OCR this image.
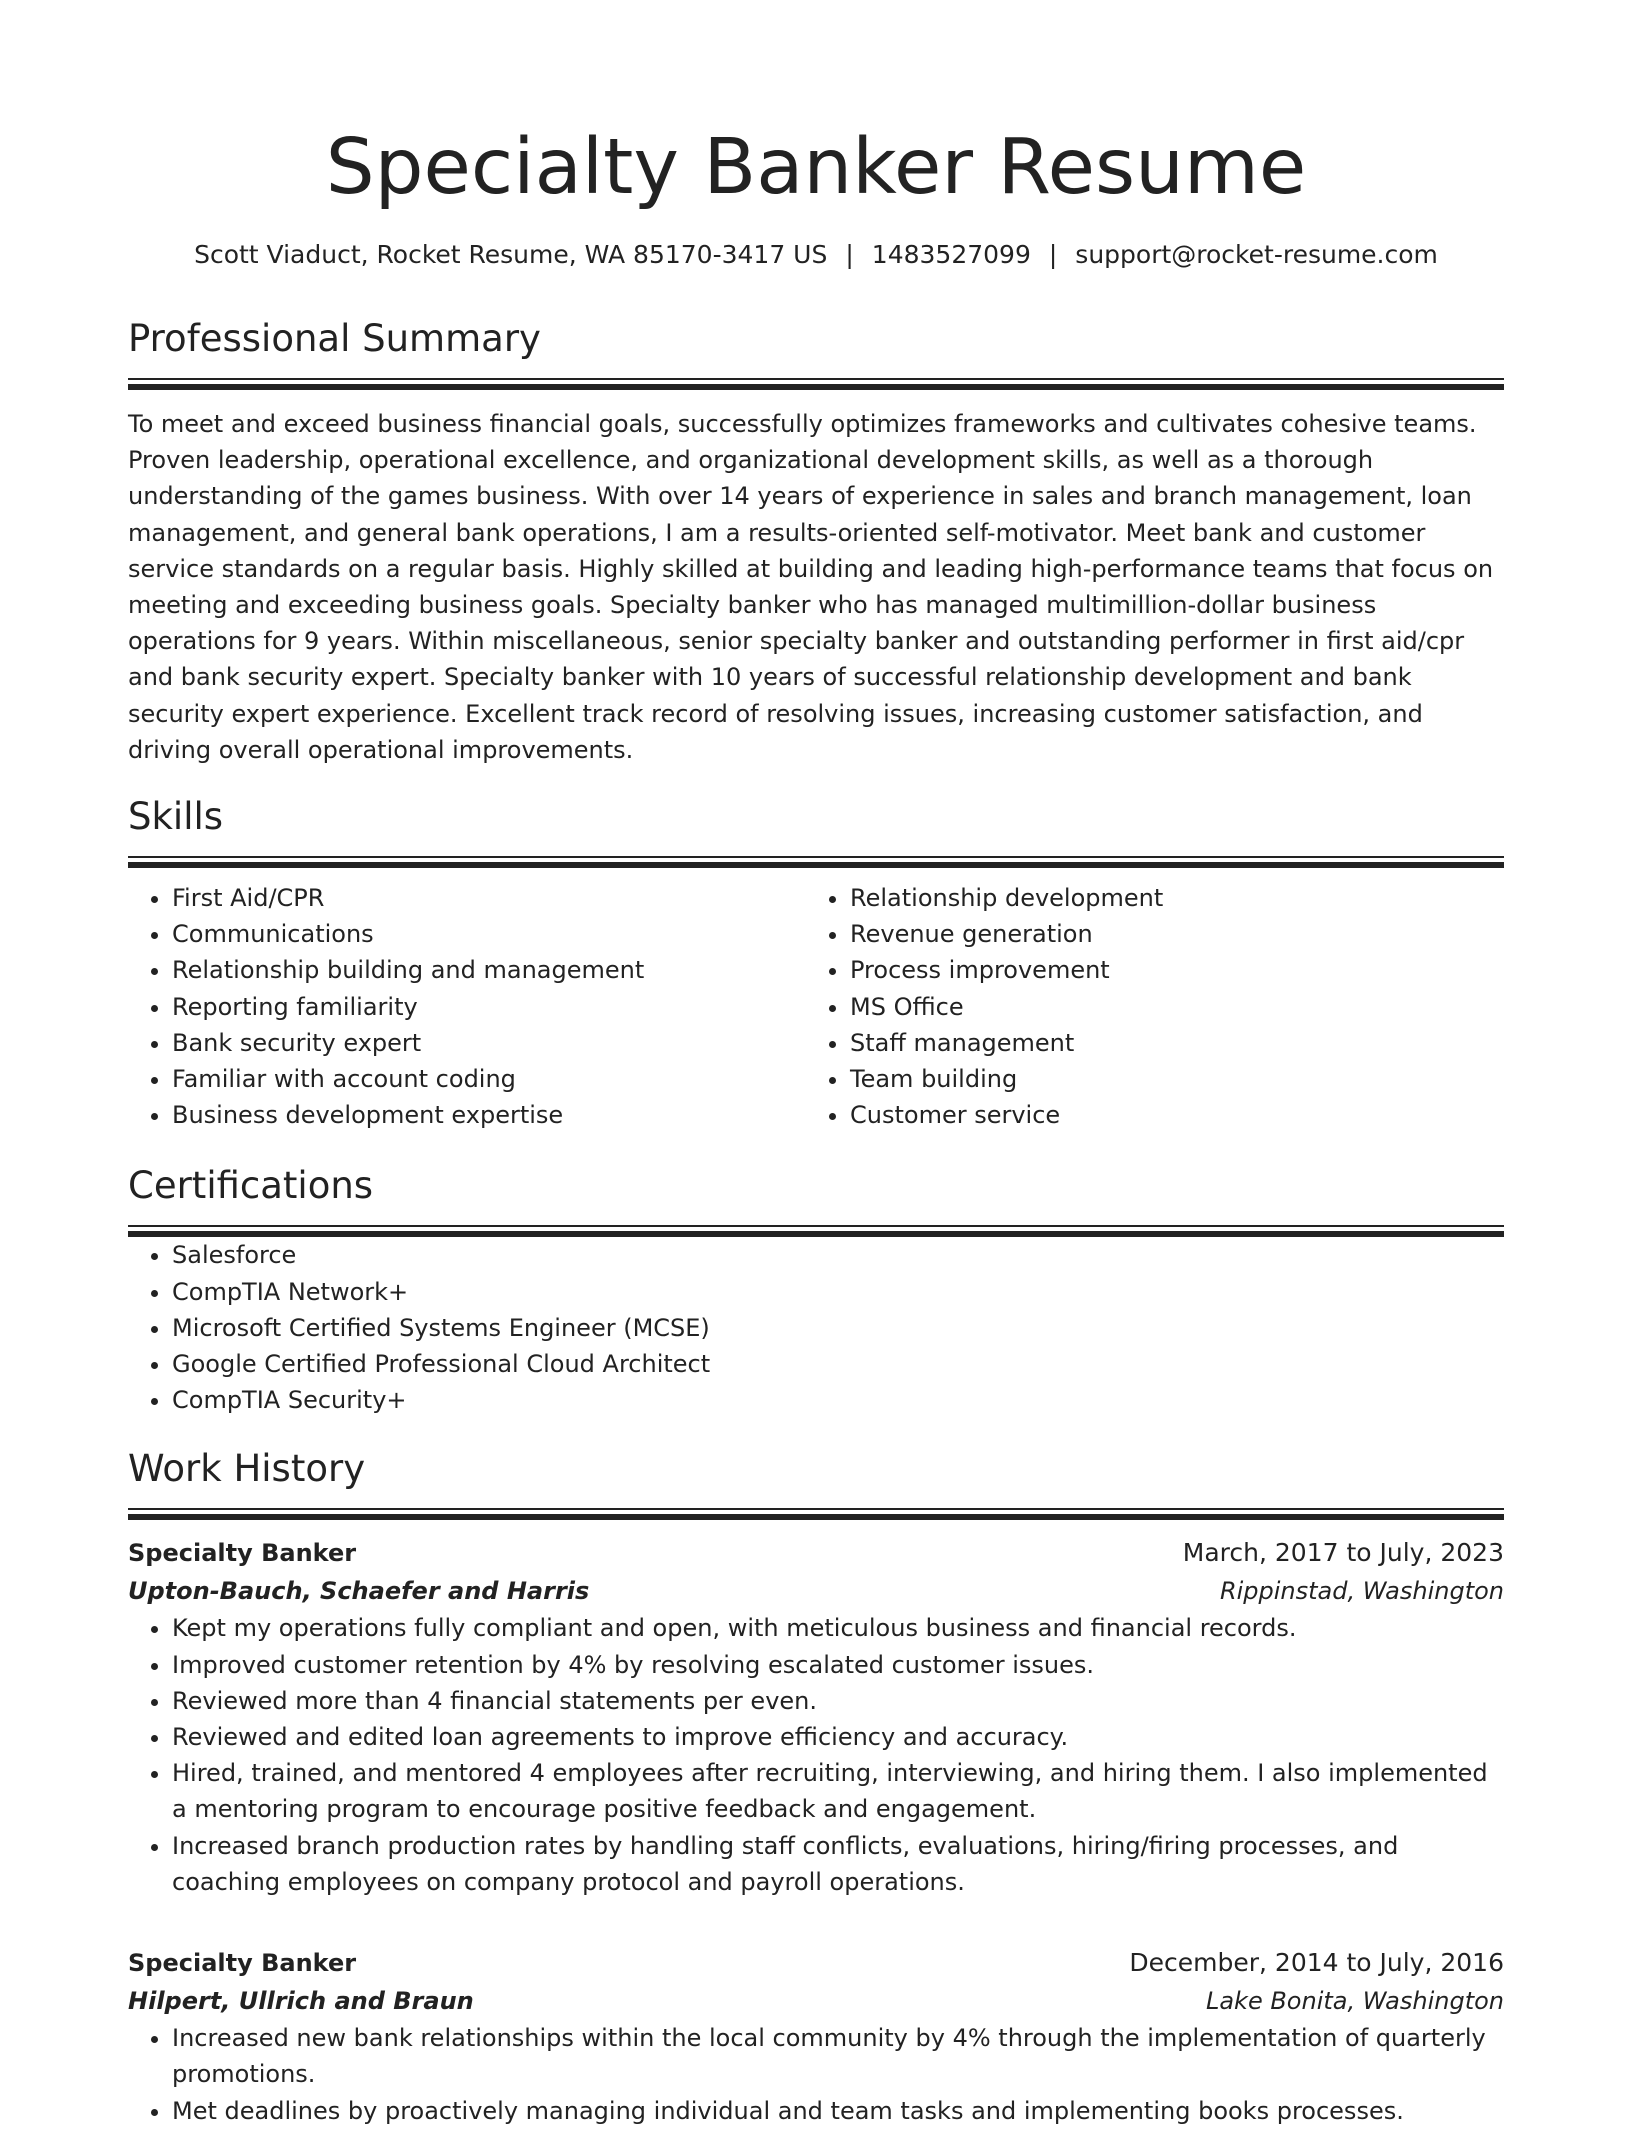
Specialty Banker Resume
Scott Viaduct, Rocket Resume, WA 85170-3417 US | 1483527099 | support@rocket-resume.com
Professional Summary

To meet and exceed business financial goals, successfully optimizes frameworks and cultivates cohesive teams. Proven leadership, operational excellence, and organizational development skills, as well as a thorough understanding of the games business. With over 14 years of experience in sales and branch management, loan management, and general bank operations, I am a results-oriented self-motivator. Meet bank and customer service standards on a regular basis. Highly skilled at building and leading high-performance teams that focus on meeting and exceeding business goals. Specialty banker who has managed multimillion-dollar business operations for 9 years. Within miscellaneous, senior specialty banker and outstanding performer in first aid/cpr and bank security expert. Specialty banker with 10 years of successful relationship development and bank security expert experience. Excellent track record of resolving issues, increasing customer satisfaction, and driving overall operational improvements.

Skills
• First Aid/CPR
• Communications
• Relationship building and management
• Reporting familiarity
• Bank security expert
• Familiar with account coding
• Business development expertise
• Relationship development
• Revenue generation
• Process improvement
• MS Office
• Staff management
• Team building
• Customer service
Certifications
• Salesforce
• CompTIA Network+
• Microsoft Certified Systems Engineer (MCSE)
• Google Certified Professional Cloud Architect
• CompTIA Security+
Work History
Specialty Banker	March, 2017 to July, 2023
Upton-Bauch, Schaefer and Harris	Rippinstad, Washington
• Kept my operations fully compliant and open, with meticulous business and financial records.
• Improved customer retention by 4% by resolving escalated customer issues.
• Reviewed more than 4 financial statements per even.
• Reviewed and edited loan agreements to improve efficiency and accuracy.
• Hired, trained, and mentored 4 employees after recruiting, interviewing, and hiring them. I also implemented a mentoring program to encourage positive feedback and engagement.
• Increased branch production rates by handling staff conflicts, evaluations, hiring/firing processes, and coaching employees on company protocol and payroll operations.
Specialty Banker	December, 2014 to July, 2016
Hilpert, Ullrich and Braun	Lake Bonita, Washington
• Increased new bank relationships within the local community by 4% through the implementation of quarterly promotions.
• Met deadlines by proactively managing individual and team tasks and implementing books processes.
